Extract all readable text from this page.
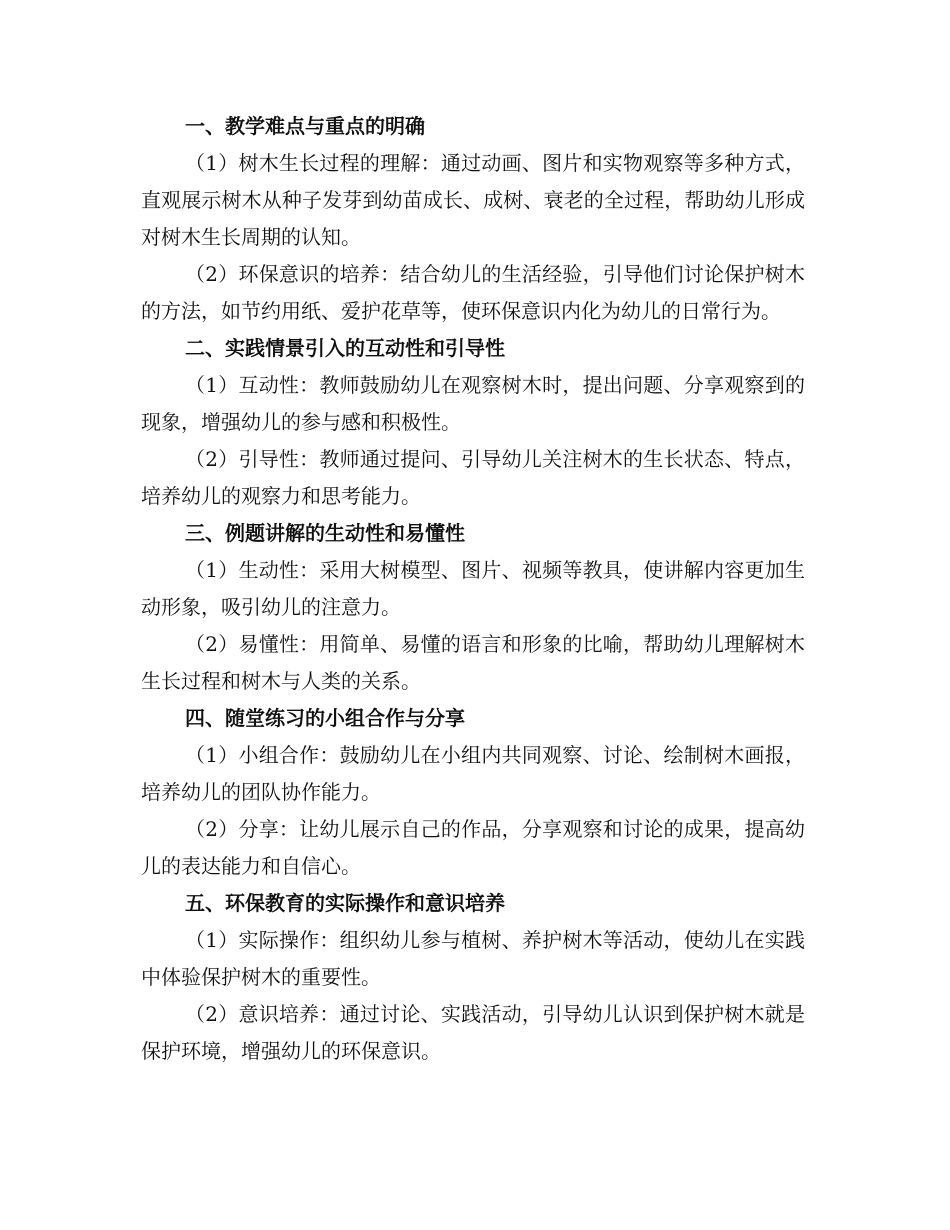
一、教学难点与重点的明确

（1）树木生长过程的理解：通过动画、图片和实物观察等多种方式，直观展示树木从种子发芽到幼苗成长、成树、衰老的全过程，帮助幼儿形成对树木生长周期的认知。

（2）环保意识的培养：结合幼儿的生活经验，引导他们讨论保护树木的方法，如节约用纸、爱护花草等，使环保意识内化为幼儿的日常行为。

二、实践情景引入的互动性和引导性

（1）互动性：教师鼓励幼儿在观察树木时，提出问题、分享观察到的现象，增强幼儿的参与感和积极性。

（2）引导性：教师通过提问、引导幼儿关注树木的生长状态、特点，培养幼儿的观察力和思考能力。

三、例题讲解的生动性和易懂性

（1）生动性：采用大树模型、图片、视频等教具，使讲解内容更加生动形象，吸引幼儿的注意力。

（2）易懂性：用简单、易懂的语言和形象的比喻，帮助幼儿理解树木生长过程和树木与人类的关系。

四、随堂练习的小组合作与分享

（1）小组合作：鼓励幼儿在小组内共同观察、讨论、绘制树木画报，培养幼儿的团队协作能力。

（2）分享：让幼儿展示自己的作品，分享观察和讨论的成果，提高幼儿的表达能力和自信心。

五、环保教育的实际操作和意识培养

（1）实际操作：组织幼儿参与植树、养护树木等活动，使幼儿在实践中体验保护树木的重要性。

（2）意识培养：通过讨论、实践活动，引导幼儿认识到保护树木就是保护环境，增强幼儿的环保意识。
